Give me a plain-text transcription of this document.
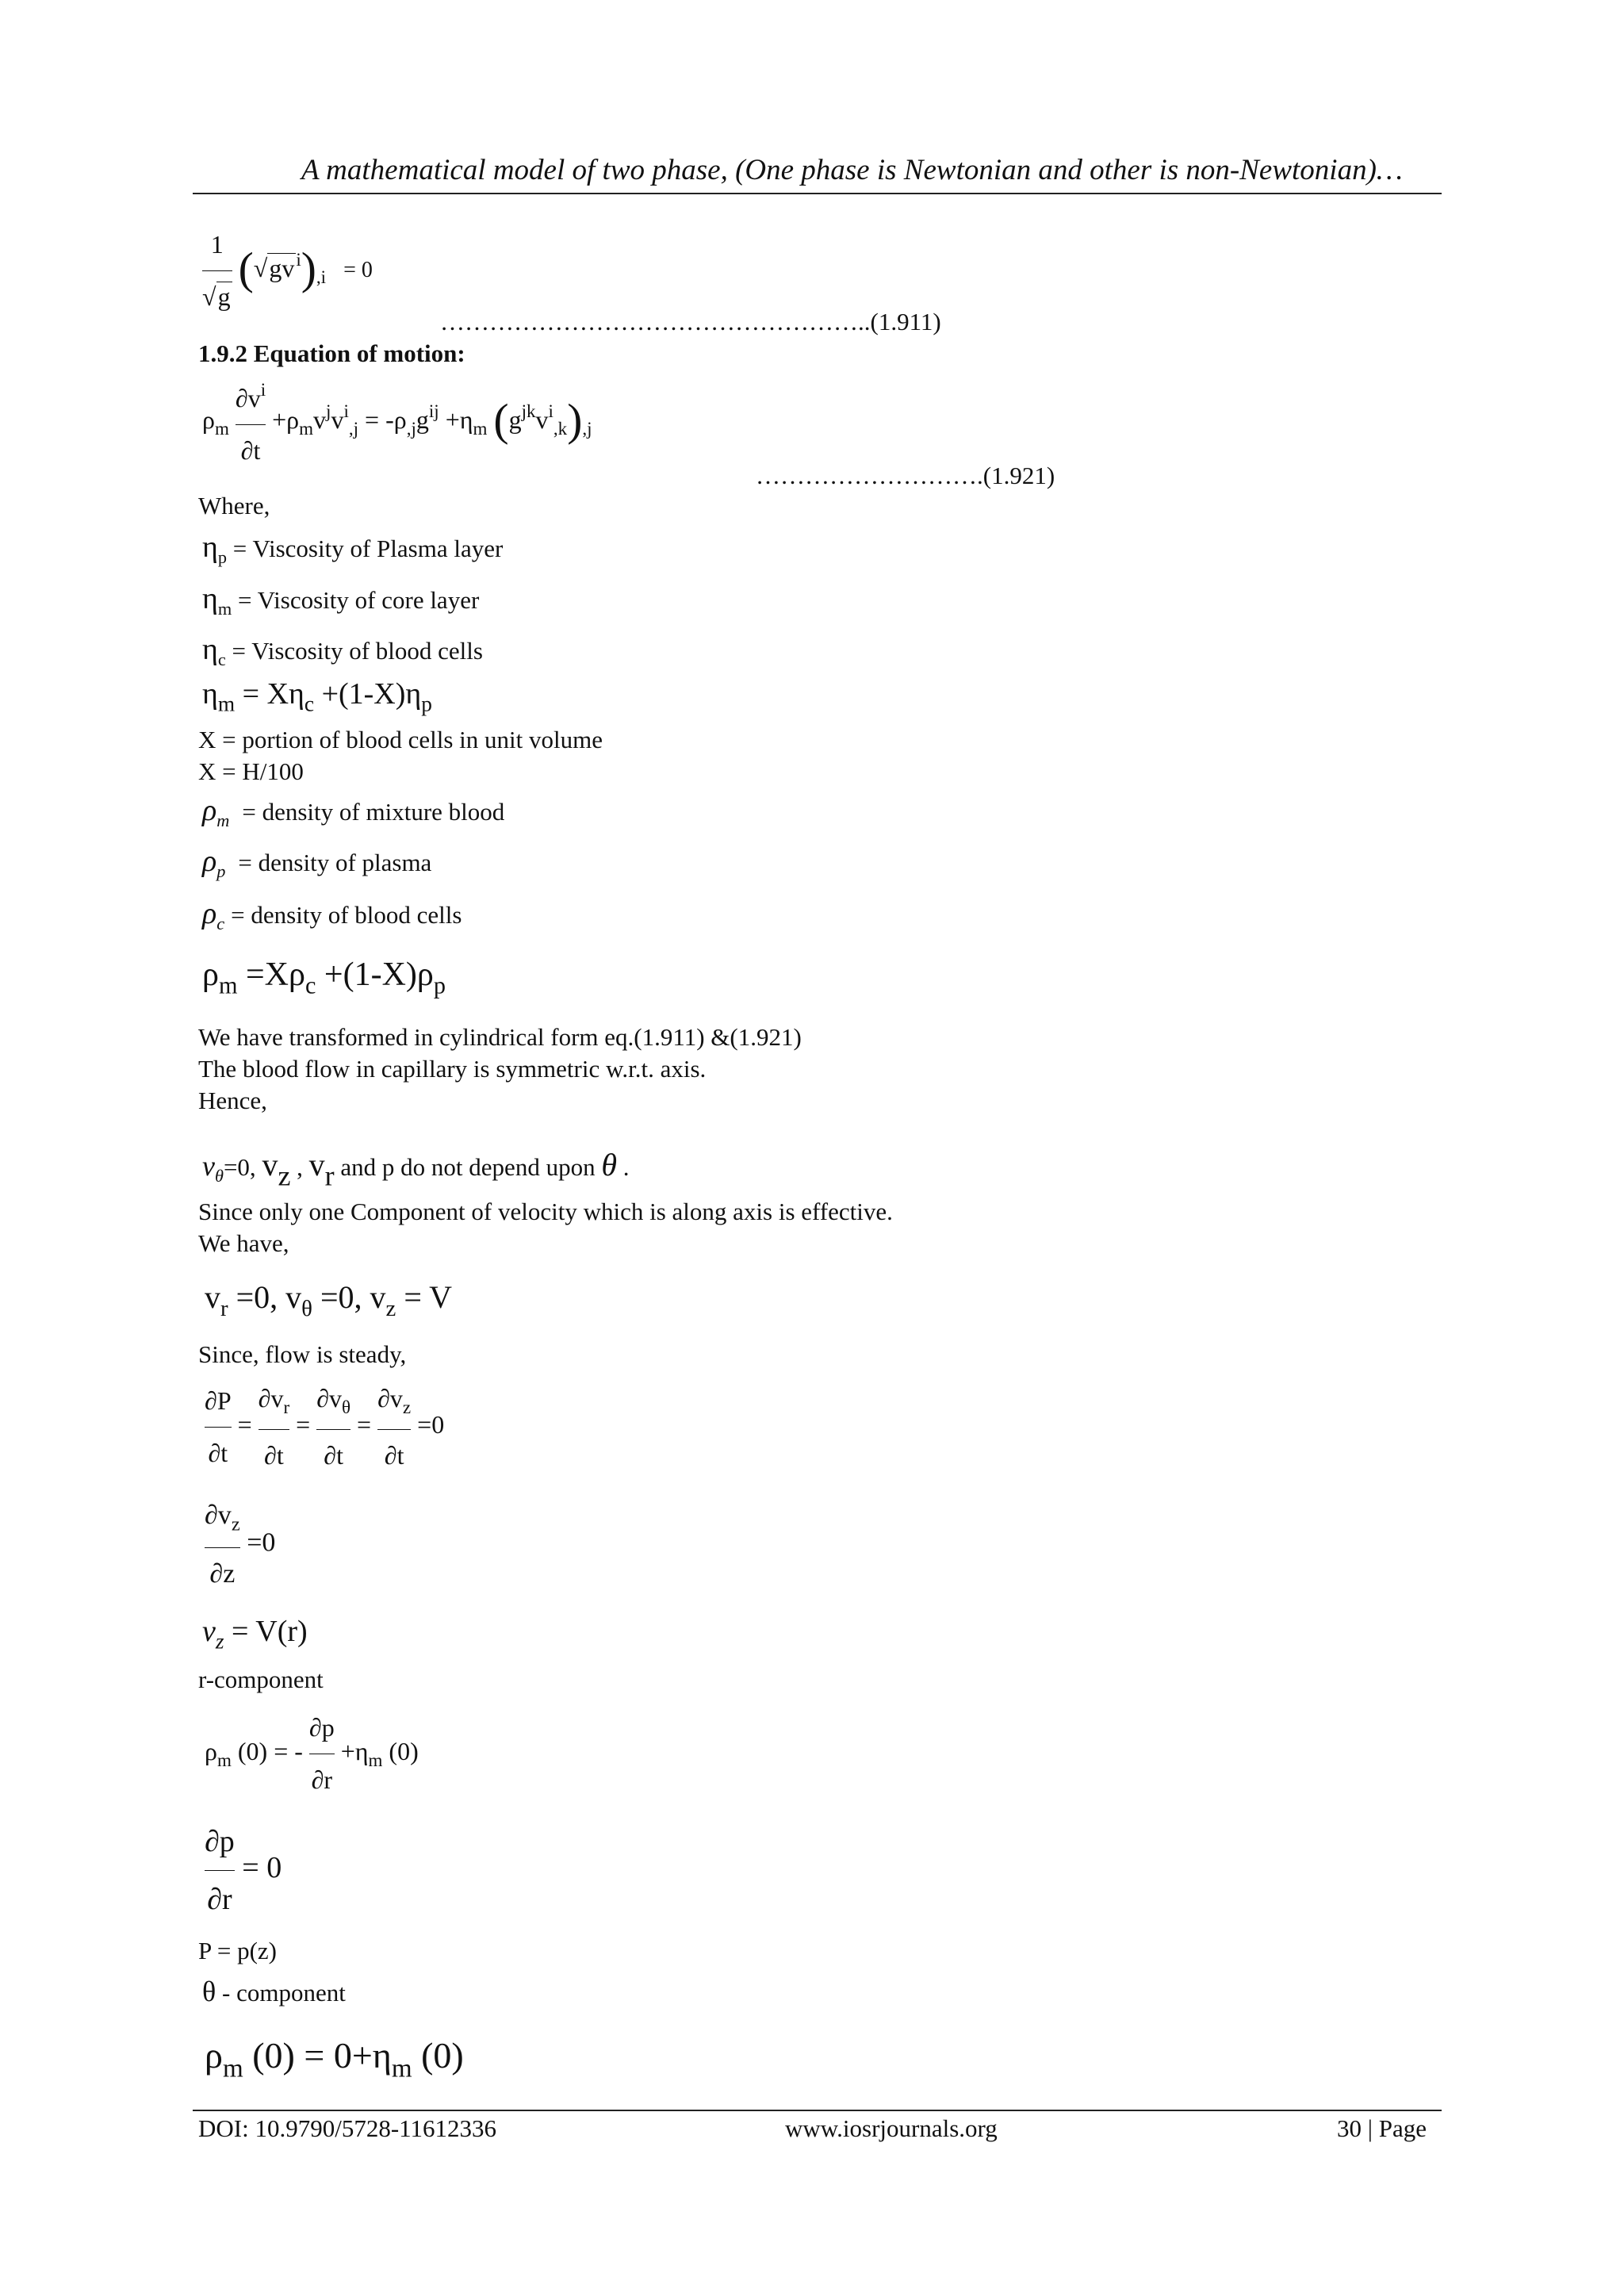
A mathematical model of two phase, (One phase is Newtonian and other is non-Newtonian)…
$\frac{1}{√g} (√gv^i)_{,i} = 0$
……………………………………………..(1.911)
1.9.2 Equation of motion:
$\rho_m \frac{\partial v^i}{\partial t} +\rho_mv^jv^i_{,j} = -\rho_{,j}g^{ij} +\eta_m$ $(g^{jk}v^i_{,k})_{,j}$
……………………….(1.921)
Where,
$\eta_p$ = Viscosity of Plasma layer
$\eta_m$ = Viscosity of core layer
$\eta_c$ = Viscosity of blood cells
$\eta_m = X\eta_c +(1-X)\eta_p$
X = portion of blood cells in unit volume
X = H/100
$\rho_m$ = density of mixture blood
$\rho_p$ = density of plasma
$\rho_c$ = density of blood cells
$\rho_m =X\rho_c +(1-X)\rho_p$
We have transformed in cylindrical form eq.(1.911) &(1.921)
The blood flow in capillary is symmetric w.r.t. axis.
Hence,
$v_\theta=0$, vz , vr and p do not depend upon θ .
Since only one Component of velocity which is along axis is effective.
We have,
$v_r =0$, $v_\theta =0$, $v_z = V$
Since, flow is steady,
$\frac{\partial P}{\partial t} = \frac{\partial v_r}{\partial t} = \frac{\partial v_\theta}{\partial t} = \frac{\partial v_z}{\partial t} =0$
$\frac{\partial v_z}{\partial z} =0$
$v_z = V(r)$
r-component
$\rho_m$ (0) = - $\frac{\partial p}{\partial r} +\eta_m$ (0)
$\frac{\partial p}{\partial r} = 0$
P = p(z)
θ - component
$\rho_m$ $(0) = 0+\eta_m$ (0)
DOI: 10.9790/5728-11612336	www.iosrjournals.org	30 | Page
